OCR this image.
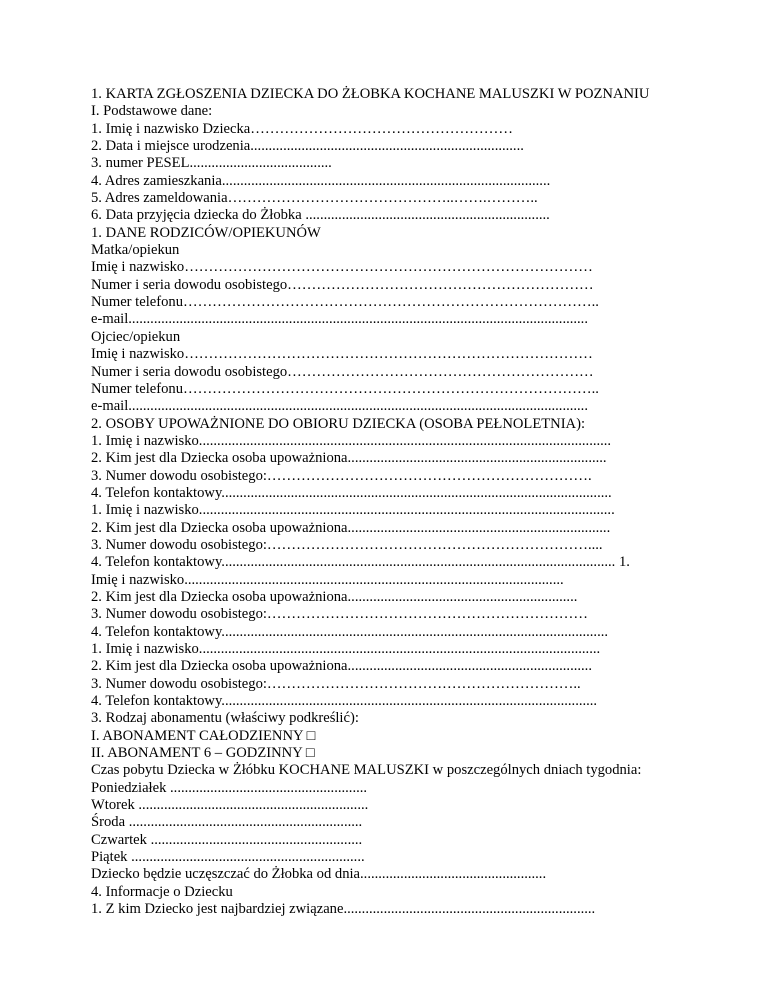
1. KARTA ZGŁOSZENIA DZIECKA DO ŻŁOBKA KOCHANE MALUSZKI W POZNANIU
I. Podstawowe dane:
1. Imię i nazwisko Dziecka………………………………………………
2. Data i miejsce urodzenia...........................................................................
3. numer PESEL.......................................
4. Adres zamieszkania..........................................................................................
5. Adres zameldowania………………………………………..…….………..
6. Data przyjęcia dziecka do Żłobka ...................................................................
1. DANE RODZICÓW/OPIEKUNÓW
Matka/opiekun
Imię i nazwisko…………………………………………………………………………
Numer i seria dowodu osobistego………………………………………………………
Numer telefonu…………………………………………………………………………..
e-mail..............................................................................................................................
Ojciec/opiekun
Imię i nazwisko…………………………………………………………………………
Numer i seria dowodu osobistego………………………………………………………
Numer telefonu…………………………………………………………………………..
e-mail..............................................................................................................................
2. OSOBY UPOWAŻNIONE DO OBIORU DZIECKA (OSOBA PEŁNOLETNIA):
1. Imię i nazwisko.................................................................................................................
2. Kim jest dla Dziecka osoba upoważniona.......................................................................
3. Numer dowodu osobistego:………………………………………………………….
4. Telefon kontaktowy...........................................................................................................
1. Imię i nazwisko..................................................................................................................
2. Kim jest dla Dziecka osoba upoważniona........................................................................
3. Numer dowodu osobistego:…………………………………………………………....
4. Telefon kontaktowy............................................................................................................ 1.
Imię i nazwisko........................................................................................................
2. Kim jest dla Dziecka osoba upoważniona...............................................................
3. Numer dowodu osobistego:…………………………………………………………
4. Telefon kontaktowy..........................................................................................................
1. Imię i nazwisko..............................................................................................................
2. Kim jest dla Dziecka osoba upoważniona...................................................................
3. Numer dowodu osobistego:………………………………………………………..
4. Telefon kontaktowy.......................................................................................................
3. Rodzaj abonamentu (właściwy podkreślić):
I. ABONAMENT CAŁODZIENNY □
II. ABONAMENT 6 – GODZINNY □
Czas pobytu Dziecka w Żłóbku KOCHANE MALUSZKI w poszczególnych dniach tygodnia:
Poniedziałek ......................................................
Wtorek ...............................................................
Środa ................................................................
Czwartek ..........................................................
Piątek ................................................................
Dziecko będzie uczęszczać do Żłobka od dnia...................................................
4. Informacje o Dziecku
1. Z kim Dziecko jest najbardziej związane.....................................................................
